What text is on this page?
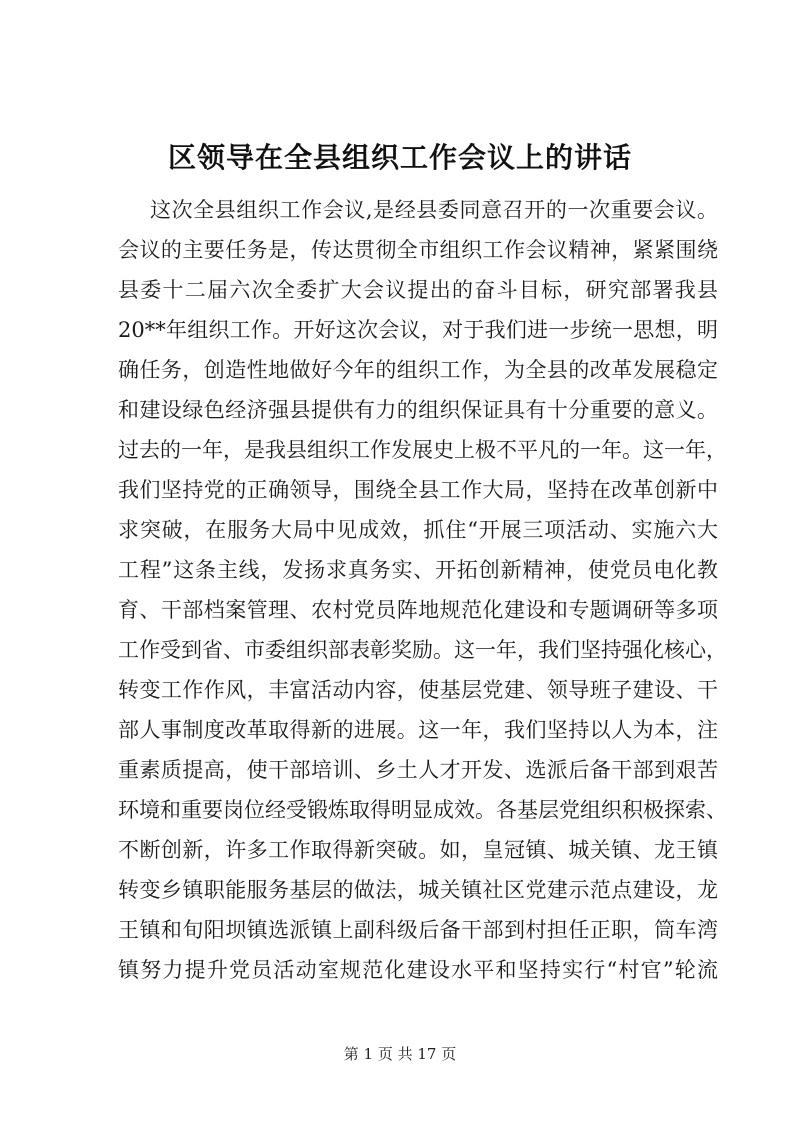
区领导在全县组织工作会议上的讲话
这次全县组织工作会议,是经县委同意召开的一次重要会议。
会议的主要任务是，传达贯彻全市组织工作会议精神，紧紧围绕
县委十二届六次全委扩大会议提出的奋斗目标，研究部署我县
20**年组织工作。开好这次会议，对于我们进一步统一思想，明
确任务，创造性地做好今年的组织工作，为全县的改革发展稳定
和建设绿色经济强县提供有力的组织保证具有十分重要的意义。
过去的一年，是我县组织工作发展史上极不平凡的一年。这一年，
我们坚持党的正确领导，围绕全县工作大局，坚持在改革创新中
求突破，在服务大局中见成效，抓住“开展三项活动、实施六大
工程”这条主线，发扬求真务实、开拓创新精神，使党员电化教
育、干部档案管理、农村党员阵地规范化建设和专题调研等多项
工作受到省、市委组织部表彰奖励。这一年，我们坚持强化核心，
转变工作作风，丰富活动内容，使基层党建、领导班子建设、干
部人事制度改革取得新的进展。这一年，我们坚持以人为本，注
重素质提高，使干部培训、乡土人才开发、选派后备干部到艰苦
环境和重要岗位经受锻炼取得明显成效。各基层党组织积极探索、
不断创新，许多工作取得新突破。如，皇冠镇、城关镇、龙王镇
转变乡镇职能服务基层的做法，城关镇社区党建示范点建设，龙
王镇和旬阳坝镇选派镇上副科级后备干部到村担任正职，筒车湾
镇努力提升党员活动室规范化建设水平和坚持实行“村官”轮流
第 1 页 共 17 页
